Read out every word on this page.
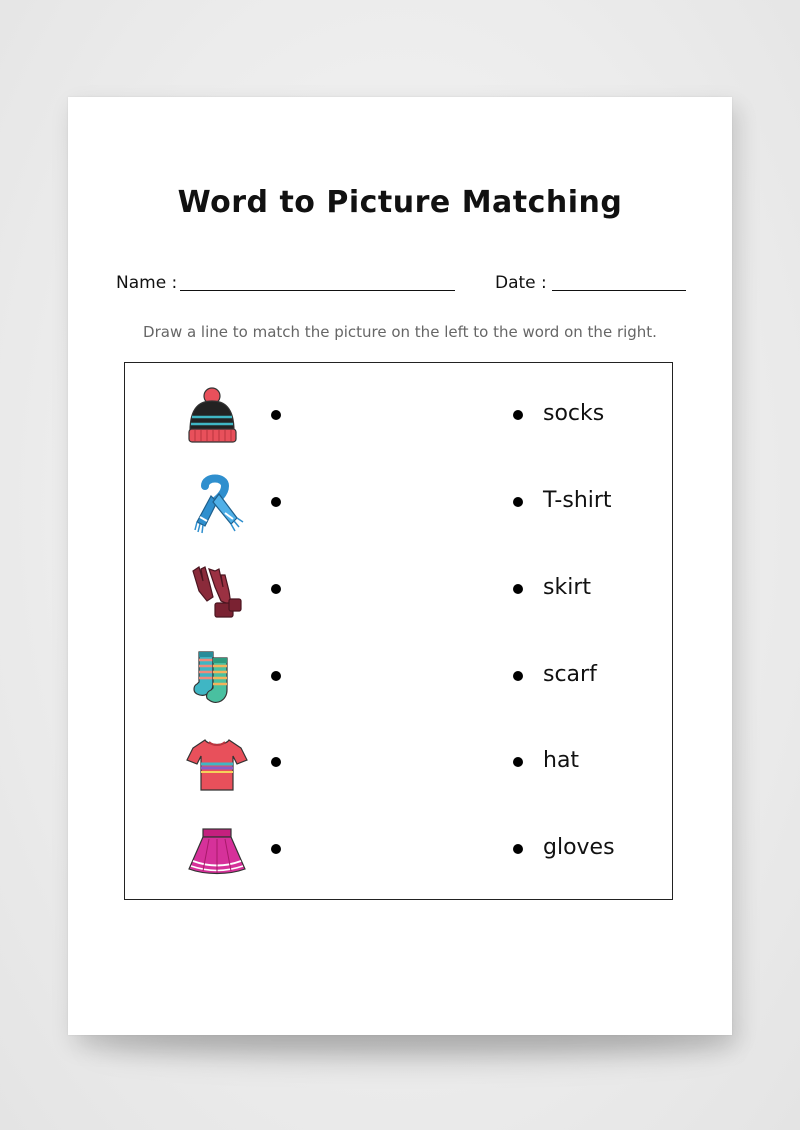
Word to Picture Matching
Name :	Date :
Draw a line to match the picture on the left to the word on the right.
socks
T-shirt
skirt
scarf
hat
gloves
